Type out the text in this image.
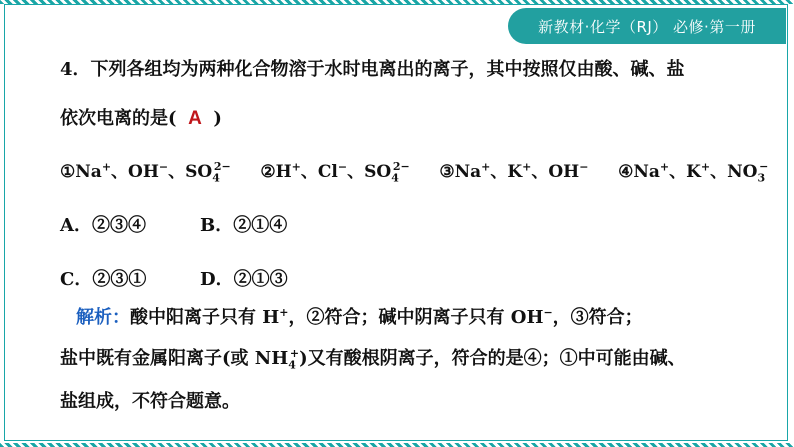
新教材·化学（RJ） 必修·第一册
4．下列各组均为两种化合物溶于水时电离出的离子，其中按照仅由酸、碱、盐
依次电离的是( A )
①Na+、OH−、$SO_4^{2-}$ ②H+、Cl−、$SO_4^{2-}$ ③Na+、K+、OH− ④Na+、K+、$NO_3^-$
A．②③④	B．②①④
C．②③①	D．②①③
解析：酸中阳离子只有 H+，②符合；碱中阴离子只有 OH−，③符合；
盐中既有金属阳离子(或 $NH_4^+$)又有酸根阴离子，符合的是④；①中可能由碱、
盐组成，不符合题意。
